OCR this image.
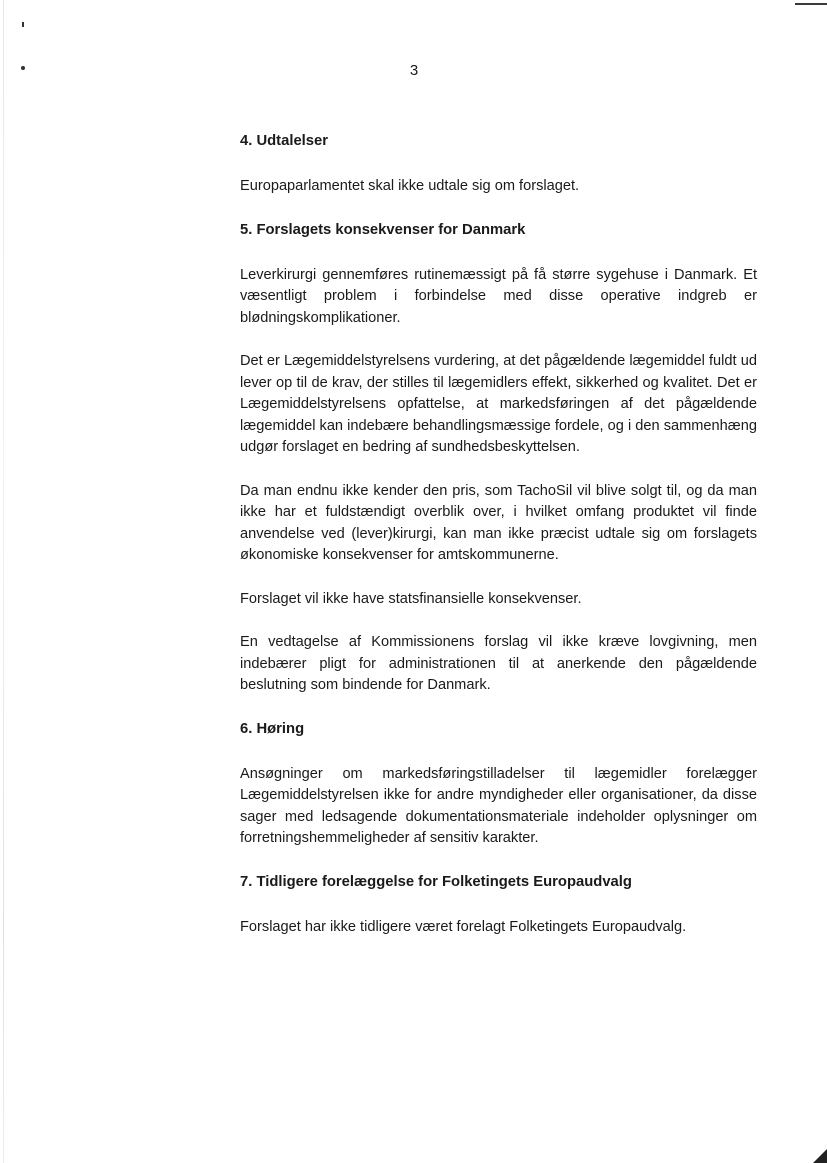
3
4. Udtalelser

Europaparlamentet skal ikke udtale sig om forslaget.

5. Forslagets konsekvenser for Danmark

Leverkirurgi gennemføres rutinemæssigt på få større sygehuse i Danmark. Et væsentligt problem i forbindelse med disse operative indgreb er blødningskomplikationer.

Det er Lægemiddelstyrelsens vurdering, at det pågældende lægemiddel fuldt ud lever op til de krav, der stilles til lægemidlers effekt, sikkerhed og kvalitet. Det er Lægemiddelstyrelsens opfattelse, at markedsføringen af det pågældende lægemiddel kan indebære behandlingsmæssige fordele, og i den sammenhæng udgør forslaget en bedring af sundhedsbeskyttelsen.

Da man endnu ikke kender den pris, som TachoSil vil blive solgt til, og da man ikke har et fuldstændigt overblik over, i hvilket omfang produktet vil finde anvendelse ved (lever)kirurgi, kan man ikke præcist udtale sig om forslagets økonomiske konsekvenser for amtskommunerne.

Forslaget vil ikke have statsfinansielle konsekvenser.

En vedtagelse af Kommissionens forslag vil ikke kræve lovgivning, men indebærer pligt for administrationen til at anerkende den pågældende beslutning som bindende for Danmark.

6. Høring

Ansøgninger om markedsføringstilladelser til lægemidler forelægger Lægemiddelstyrelsen ikke for andre myndigheder eller organisationer, da disse sager med ledsagende dokumentationsmateriale indeholder oplysninger om forretningshemmeligheder af sensitiv karakter.

7. Tidligere forelæggelse for Folketingets Europaudvalg

Forslaget har ikke tidligere været forelagt Folketingets Europaudvalg.
